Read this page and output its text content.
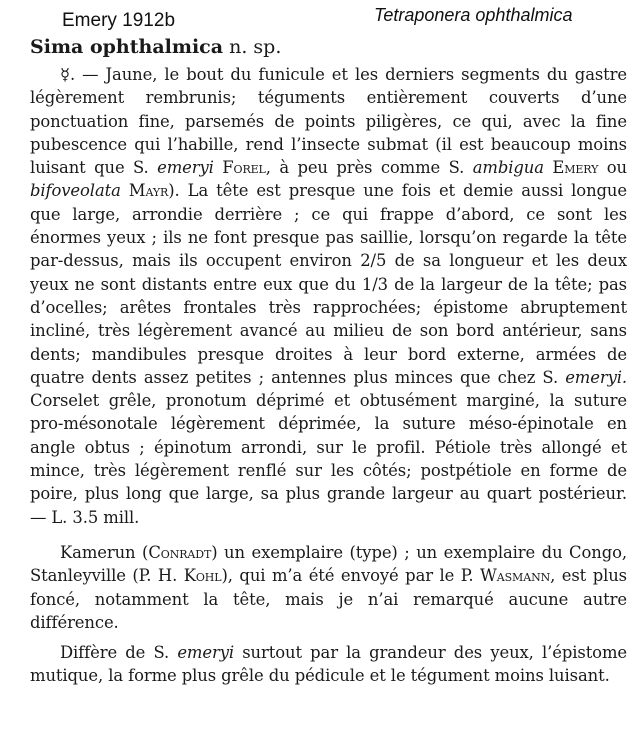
Emery 1912b	Tetraponera ophthalmica
Sima ophthalmica n. sp.

☿. — Jaune, le bout du funicule et les derniers segments du gastre légèrement rembrunis; téguments entièrement couverts d’une ponctuation fine, parsemés de points piligères, ce qui, avec la fine pubescence qui l’habille, rend l’insecte submat (il est beaucoup moins luisant que S. emeryi Forel, à peu près comme S. ambigua Emery ou bifoveolata Mayr). La tête est presque une fois et demie aussi longue que large, arrondie derrière ; ce qui frappe d’abord, ce sont les énormes yeux ; ils ne font presque pas saillie, lorsqu’on regarde la tête par-dessus, mais ils occupent environ 2/5 de sa longueur et les deux yeux ne sont distants entre eux que du 1/3 de la largeur de la tête; pas d’ocelles; arêtes frontales très rapprochées; épistome abruptement incliné, très légèrement avancé au milieu de son bord antérieur, sans dents; mandibules presque droites à leur bord externe, armées de quatre dents assez petites ; antennes plus minces que chez S. emeryi. Corselet grêle, pronotum déprimé et obtusément marginé, la suture pro-mésonotale légèrement déprimée, la suture méso-épinotale en angle obtus ; épinotum arrondi, sur le profil. Pétiole très allongé et mince, très légèrement renflé sur les côtés; postpétiole en forme de poire, plus long que large, sa plus grande largeur au quart postérieur. — L. 3.5 mill.

Kamerun (Conradt) un exemplaire (type) ; un exemplaire du Congo, Stanleyville (P. H. Kohl), qui m’a été envoyé par le P. Wasmann, est plus foncé, notamment la tête, mais je n’ai remarqué aucune autre différence.

Diffère de S. emeryi surtout par la grandeur des yeux, l’épistome mutique, la forme plus grêle du pédicule et le tégument moins luisant.
